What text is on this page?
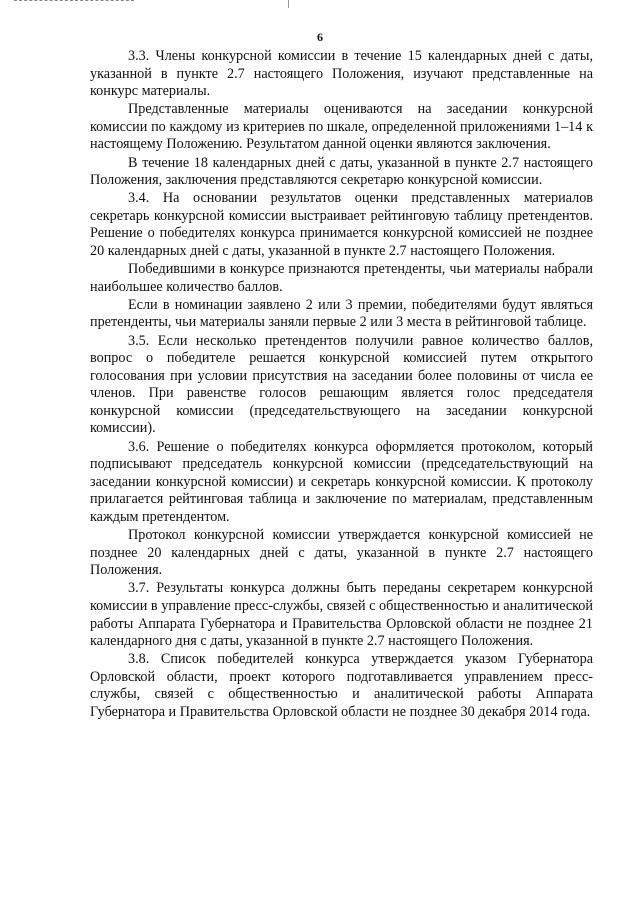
6

3.3. Члены конкурсной комиссии в течение 15 календарных дней с даты, указанной в пункте 2.7 настоящего Положения, изучают представленные на конкурс материалы.

Представленные материалы оцениваются на заседании конкурсной комиссии по каждому из критериев по шкале, определенной приложениями 1–14 к настоящему Положению. Результатом данной оценки являются заключения.

В течение 18 календарных дней с даты, указанной в пункте 2.7 настоящего Положения, заключения представляются секретарю конкурсной комиссии.

3.4. На основании результатов оценки представленных материалов секретарь конкурсной комиссии выстраивает рейтинговую таблицу претендентов. Решение о победителях конкурса принимается конкурсной комиссией не позднее 20 календарных дней с даты, указанной в пункте 2.7 настоящего Положения.

Победившими в конкурсе признаются претенденты, чьи материалы набрали наибольшее количество баллов.

Если в номинации заявлено 2 или 3 премии, победителями будут являться претенденты, чьи материалы заняли первые 2 или 3 места в рейтинговой таблице.

3.5. Если несколько претендентов получили равное количество баллов, вопрос о победителе решается конкурсной комиссией путем открытого голосования при условии присутствия на заседании более половины от числа ее членов. При равенстве голосов решающим является голос председателя конкурсной комиссии (председательствующего на заседании конкурсной комиссии).

3.6. Решение о победителях конкурса оформляется протоколом, который подписывают председатель конкурсной комиссии (председательствующий на заседании конкурсной комиссии) и секретарь конкурсной комиссии. К протоколу прилагается рейтинговая таблица и заключение по материалам, представленным каждым претендентом.

Протокол конкурсной комиссии утверждается конкурсной комиссией не позднее 20 календарных дней с даты, указанной в пункте 2.7 настоящего Положения.

3.7. Результаты конкурса должны быть переданы секретарем конкурсной комиссии в управление пресс-службы, связей с общественностью и аналитической работы Аппарата Губернатора и Правительства Орловской области не позднее 21 календарного дня с даты, указанной в пункте 2.7 настоящего Положения.

3.8. Список победителей конкурса утверждается указом Губернатора Орловской области, проект которого подготавливается управлением пресс-службы, связей с общественностью и аналитической работы Аппарата Губернатора и Правительства Орловской области не позднее 30 декабря 2014 года.
